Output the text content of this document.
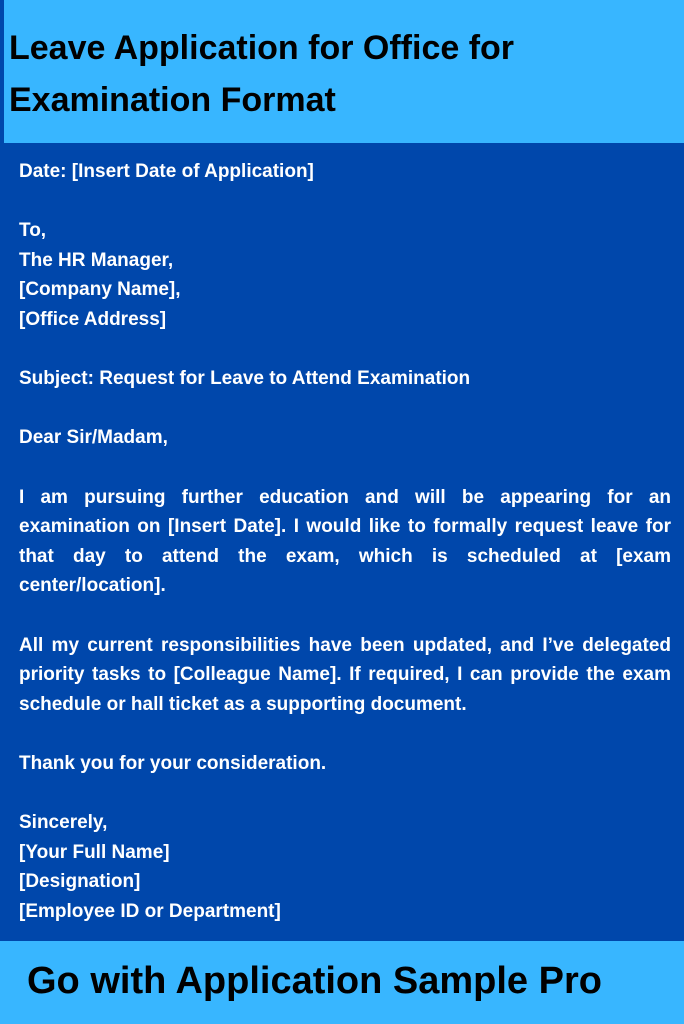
Leave Application for Office for Examination Format
Date: [Insert Date of Application]
To,
The HR Manager,
[Company Name],
[Office Address]
Subject: Request for Leave to Attend Examination
Dear Sir/Madam,

I am pursuing further education and will be appearing for an examination on [Insert Date]. I would like to formally request leave for that day to attend the exam, which is scheduled at [exam center/location].

All my current responsibilities have been updated, and I’ve delegated priority tasks to [Colleague Name]. If required, I can provide the exam schedule or hall ticket as a supporting document.

Thank you for your consideration.
Sincerely,
[Your Full Name]
[Designation]
[Employee ID or Department]

Go with Application Sample Pro
